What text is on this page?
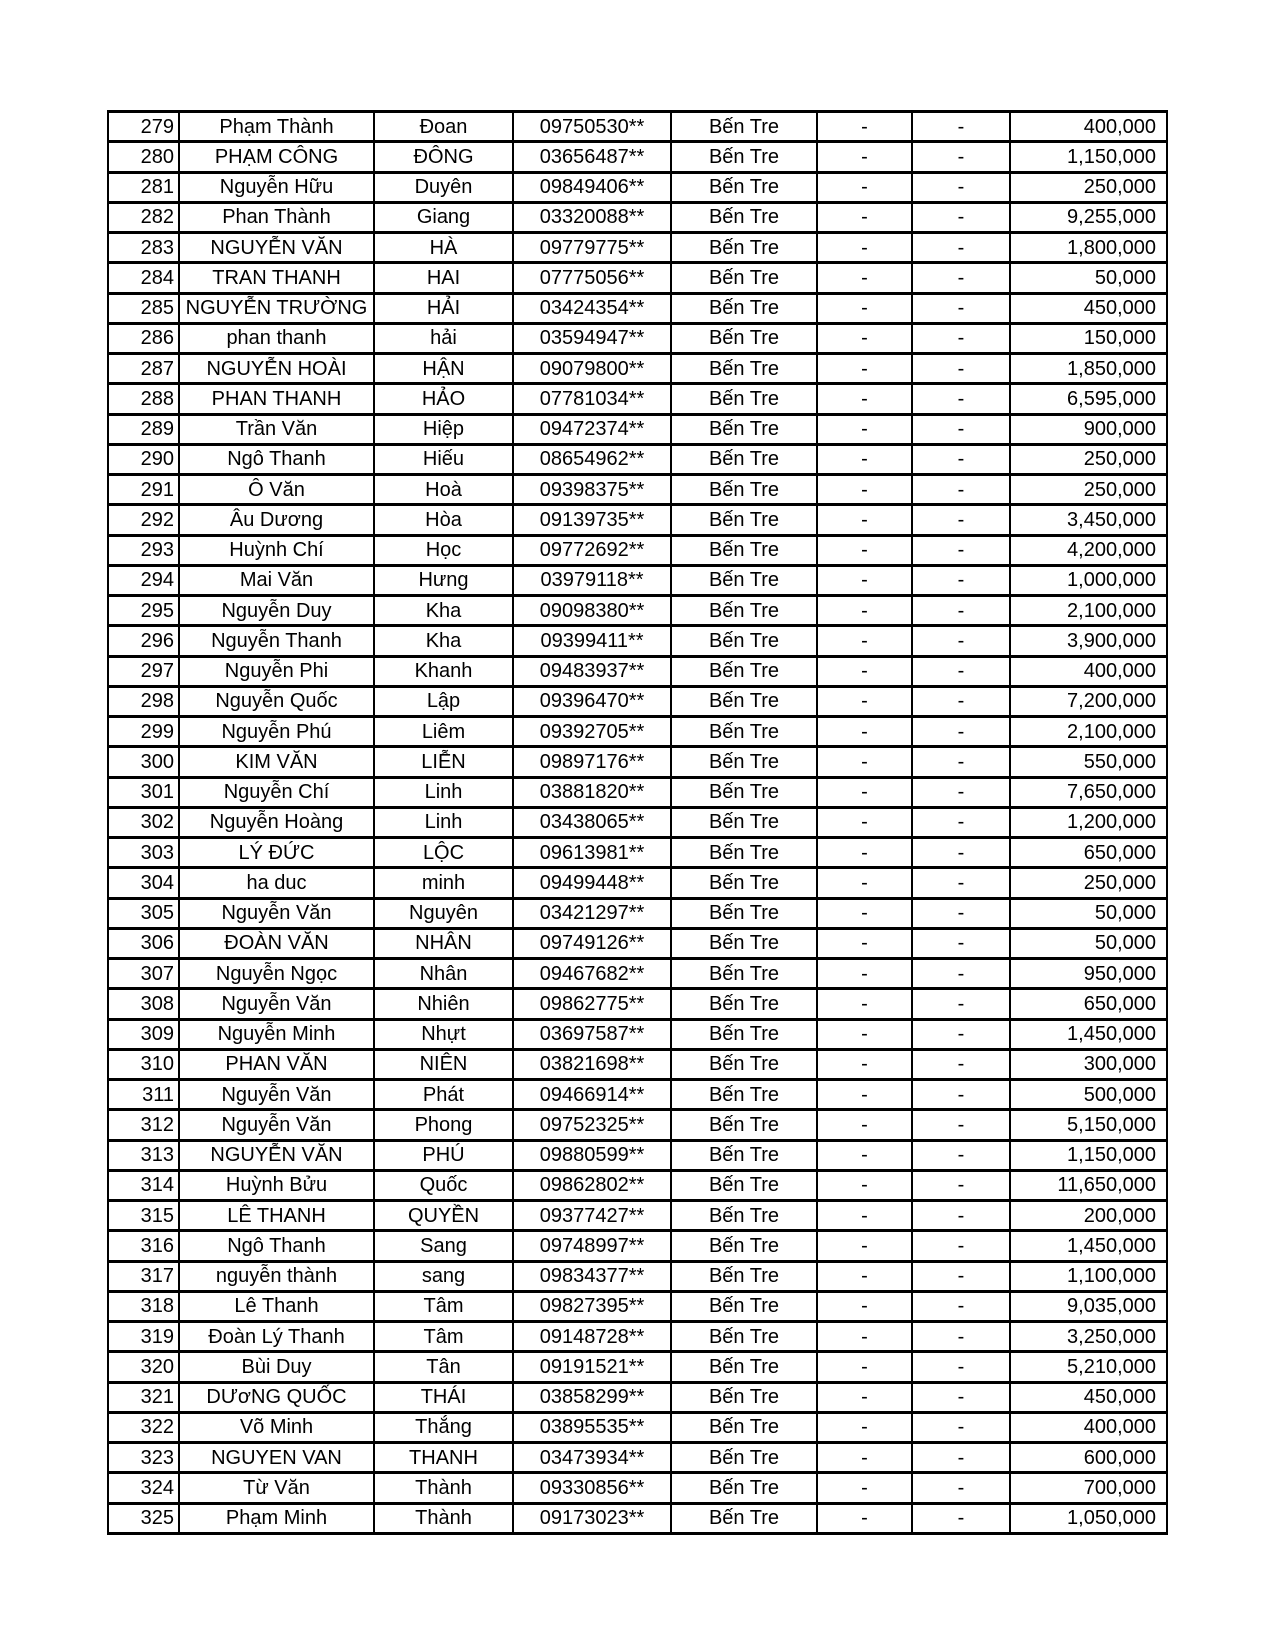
279	Phạm Thành	Đoan	09750530**	Bến Tre	-	-	400,000
280	PHẠM CÔNG	ĐÔNG	03656487**	Bến Tre	-	-	1,150,000
281	Nguyễn Hữu	Duyên	09849406**	Bến Tre	-	-	250,000
282	Phan Thành	Giang	03320088**	Bến Tre	-	-	9,255,000
283	NGUYỄN VĂN	HÀ	09779775**	Bến Tre	-	-	1,800,000
284	TRAN THANH	HAI	07775056**	Bến Tre	-	-	50,000
285	NGUYỄN TRƯỜNG	HẢI	03424354**	Bến Tre	-	-	450,000
286	phan thanh	hải	03594947**	Bến Tre	-	-	150,000
287	NGUYỄN HOÀI	HẬN	09079800**	Bến Tre	-	-	1,850,000
288	PHAN THANH	HẢO	07781034**	Bến Tre	-	-	6,595,000
289	Trần Văn	Hiệp	09472374**	Bến Tre	-	-	900,000
290	Ngô Thanh	Hiếu	08654962**	Bến Tre	-	-	250,000
291	Ô Văn	Hoà	09398375**	Bến Tre	-	-	250,000
292	Âu Dương	Hòa	09139735**	Bến Tre	-	-	3,450,000
293	Huỳnh Chí	Học	09772692**	Bến Tre	-	-	4,200,000
294	Mai Văn	Hưng	03979118**	Bến Tre	-	-	1,000,000
295	Nguyễn Duy	Kha	09098380**	Bến Tre	-	-	2,100,000
296	Nguyễn Thanh	Kha	09399411**	Bến Tre	-	-	3,900,000
297	Nguyễn Phi	Khanh	09483937**	Bến Tre	-	-	400,000
298	Nguyễn Quốc	Lập	09396470**	Bến Tre	-	-	7,200,000
299	Nguyễn Phú	Liêm	09392705**	Bến Tre	-	-	2,100,000
300	KIM VĂN	LIỄN	09897176**	Bến Tre	-	-	550,000
301	Nguyễn Chí	Linh	03881820**	Bến Tre	-	-	7,650,000
302	Nguyễn Hoàng	Linh	03438065**	Bến Tre	-	-	1,200,000
303	LÝ ĐỨC	LỘC	09613981**	Bến Tre	-	-	650,000
304	ha duc	minh	09499448**	Bến Tre	-	-	250,000
305	Nguyễn Văn	Nguyên	03421297**	Bến Tre	-	-	50,000
306	ĐOÀN VĂN	NHÂN	09749126**	Bến Tre	-	-	50,000
307	Nguyễn Ngọc	Nhân	09467682**	Bến Tre	-	-	950,000
308	Nguyễn Văn	Nhiên	09862775**	Bến Tre	-	-	650,000
309	Nguyễn Minh	Nhựt	03697587**	Bến Tre	-	-	1,450,000
310	PHAN VĂN	NIÊN	03821698**	Bến Tre	-	-	300,000
311	Nguyễn Văn	Phát	09466914**	Bến Tre	-	-	500,000
312	Nguyễn Văn	Phong	09752325**	Bến Tre	-	-	5,150,000
313	NGUYỄN VĂN	PHÚ	09880599**	Bến Tre	-	-	1,150,000
314	Huỳnh Bửu	Quốc	09862802**	Bến Tre	-	-	11,650,000
315	LÊ THANH	QUYỀN	09377427**	Bến Tre	-	-	200,000
316	Ngô Thanh	Sang	09748997**	Bến Tre	-	-	1,450,000
317	nguyễn thành	sang	09834377**	Bến Tre	-	-	1,100,000
318	Lê Thanh	Tâm	09827395**	Bến Tre	-	-	9,035,000
319	Đoàn Lý Thanh	Tâm	09148728**	Bến Tre	-	-	3,250,000
320	Bùi Duy	Tân	09191521**	Bến Tre	-	-	5,210,000
321	DƯơNG QUỐC	THÁI	03858299**	Bến Tre	-	-	450,000
322	Võ Minh	Thắng	03895535**	Bến Tre	-	-	400,000
323	NGUYEN VAN	THANH	03473934**	Bến Tre	-	-	600,000
324	Từ Văn	Thành	09330856**	Bến Tre	-	-	700,000
325	Phạm Minh	Thành	09173023**	Bến Tre	-	-	1,050,000
